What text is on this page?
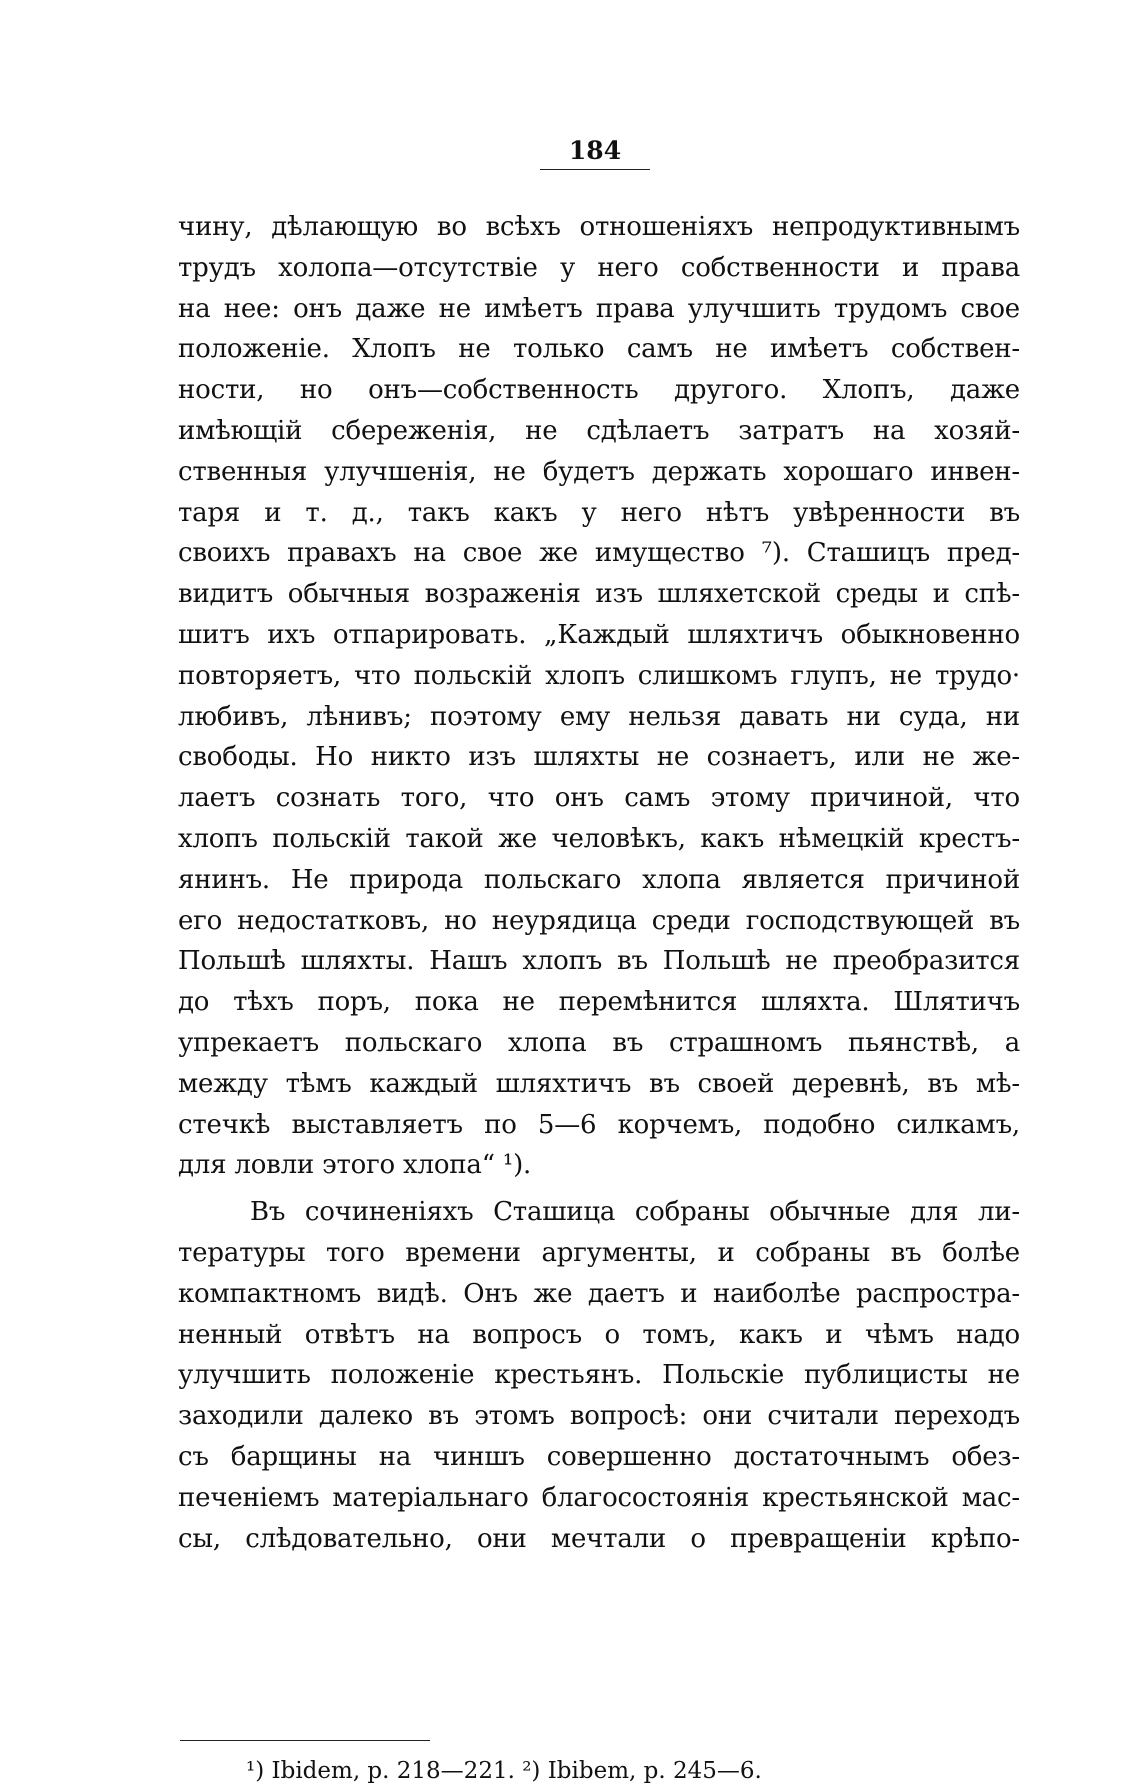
184
чину, дѣлающую во всѣхъ отношеніяхъ непродуктивнымъ
трудъ холопа—отсутствіе у него собственности и права
на нее: онъ даже не имѣетъ права улучшить трудомъ свое
положеніе. Хлопъ не только самъ не имѣетъ собствен-
ности, но онъ—собственность другого. Хлопъ, даже
имѣющій сбереженія, не сдѣлаетъ затратъ на хозяй-
ственныя улучшенія, не будетъ держать хорошаго инвен-
таря и т. д., такъ какъ у него нѣтъ увѣренности въ
своихъ правахъ на свое же имущество ⁷). Сташицъ пред-
видитъ обычныя возраженія изъ шляхетской среды и спѣ-
шитъ ихъ отпарировать. „Каждый шляхтичъ обыкновенно
повторяетъ, что польскій хлопъ слишкомъ глупъ, не трудо·
любивъ, лѣнивъ; поэтому ему нельзя давать ни суда, ни
свободы. Но никто изъ шляхты не сознаетъ, или не же-
лаетъ сознать того, что онъ самъ этому причиной, что
хлопъ польскій такой же человѣкъ, какъ нѣмецкій крестъ-
янинъ. Не природа польскаго хлопа является причиной
его недостатковъ, но неурядица среди господствующей въ
Польшѣ шляхты. Нашъ хлопъ въ Польшѣ не преобразится
до тѣхъ поръ, пока не перемѣнится шляхта. Шлятичъ
упрекаетъ польскаго хлопа въ страшномъ пьянствѣ, а
между тѣмъ каждый шляхтичъ въ своей деревнѣ, въ мѣ-
стечкѣ выставляетъ по 5—6 корчемъ, подобно силкамъ,
для ловли этого хлопа“ ¹).
Въ сочиненіяхъ Сташица собраны обычные для ли-
тературы того времени аргументы, и собраны въ болѣе
компактномъ видѣ. Онъ же даетъ и наиболѣе распростра-
ненный отвѣтъ на вопросъ о томъ, какъ и чѣмъ надо
улучшить положеніе крестьянъ. Польскіе публицисты не
заходили далеко въ этомъ вопросѣ: они считали переходъ
съ барщины на чиншъ совершенно достаточнымъ обез-
печеніемъ матеріальнаго благосостоянія крестьянской мас-
сы, слѣдовательно, они мечтали о превращеніи крѣпо-
¹) Ibidem, p. 218—221. ²) Ibibem, p. 245—6.
